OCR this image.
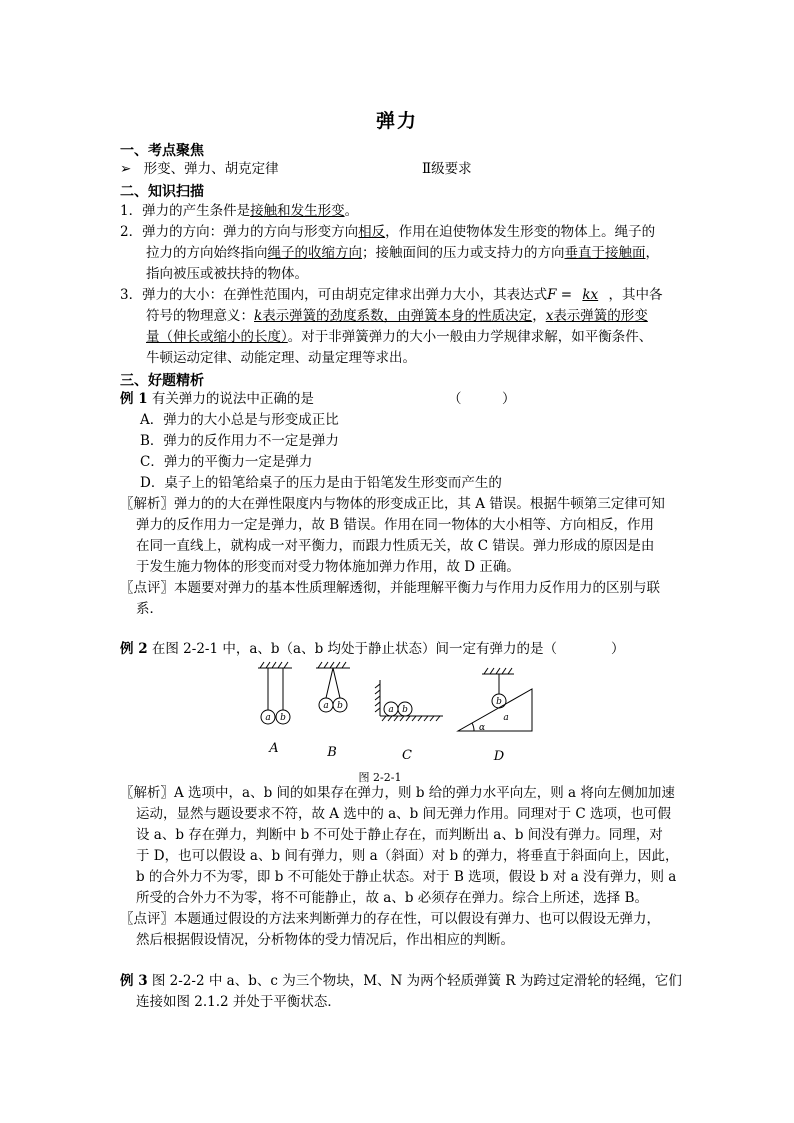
弹力
一、考点聚焦
➢ 形变、弹力、胡克定律	Ⅱ级要求
二、知识扫描
1．弹力的产生条件是接触和发生形变。
2．弹力的方向：弹力的方向与形变方向相反，作用在迫使物体发生形变的物体上。绳子的
拉力的方向始终指向绳子的收缩方向；接触面间的压力或支持力的方向垂直于接触面，
指向被压或被扶持的物体。
3．弹力的大小：在弹性范围内，可由胡克定律求出弹力大小，其表达式F = kx ，其中各
符号的物理意义：k表示弹簧的劲度系数，由弹簧本身的性质决定，x表示弹簧的形变
量（伸长或缩小的长度）。对于非弹簧弹力的大小一般由力学规律求解，如平衡条件、
牛顿运动定律、动能定理、动量定理等求出。
三、好题精析
例 1 有关弹力的说法中正确的是	（　　　）
A．弹力的大小总是与形变成正比
B．弹力的反作用力不一定是弹力
C．弹力的平衡力一定是弹力
D．桌子上的铅笔给桌子的压力是由于铅笔发生形变而产生的
〖解析〗弹力的的大在弹性限度内与物体的形变成正比，其 A 错误。根据牛顿第三定律可知
弹力的反作用力一定是弹力，故 B 错误。作用在同一物体的大小相等、方向相反，作用
在同一直线上，就构成一对平衡力，而跟力性质无关，故 C 错误。弹力形成的原因是由
于发生施力物体的形变而对受力物体施加弹力作用，故 D 正确。
〖点评〗本题要对弹力的基本性质理解透彻，并能理解平衡力与作用力反作用力的区别与联
系．
例 2 在图 2-2-1 中，a、b（a、b 均处于静止状态）间一定有弹力的是（　　　　）
a b
a b	a b
b
a
α
A	B	C	D
图 2-2-1
〖解析〗A 选项中，a、b 间的如果存在弹力，则 b 给的弹力水平向左，则 a 将向左侧加加速
运动，显然与题设要求不符，故 A 选中的 a、b 间无弹力作用。同理对于 C 选项，也可假
设 a、b 存在弹力，判断中 b 不可处于静止存在，而判断出 a、b 间没有弹力。同理，对
于 D，也可以假设 a、b 间有弹力，则 a（斜面）对 b 的弹力，将垂直于斜面向上，因此，
b 的合外力不为零，即 b 不可能处于静止状态。对于 B 选项，假设 b 对 a 没有弹力，则 a
所受的合外力不为零，将不可能静止，故 a、b 必须存在弹力。综合上所述，选择 B。
〖点评〗本题通过假设的方法来判断弹力的存在性，可以假设有弹力、也可以假设无弹力，
然后根据假设情况，分析物体的受力情况后，作出相应的判断。
例 3 图 2-2-2 中 a、b、c 为三个物块，M、N 为两个轻质弹簧 R 为跨过定滑轮的轻绳，它们
连接如图 2.1.2 并处于平衡状态．
